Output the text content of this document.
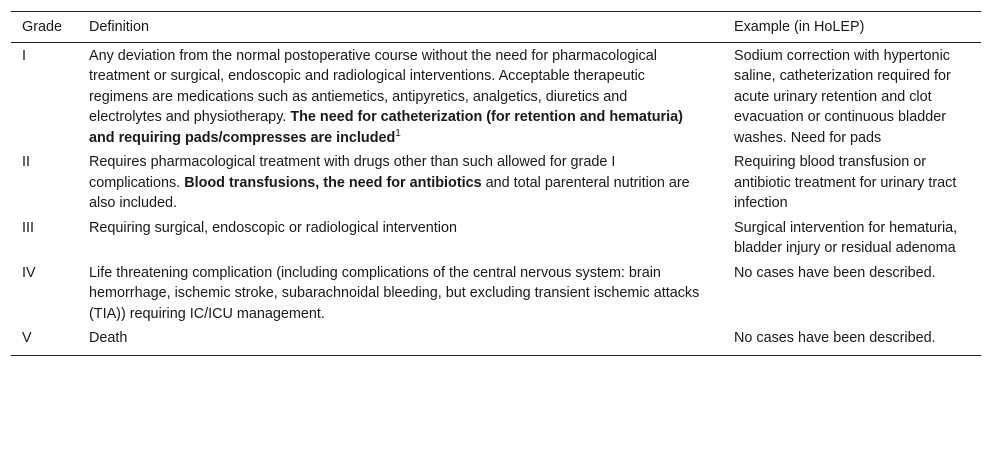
Grade	Definition	Example (in HoLEP)
I	Any deviation from the normal postoperative course without the need for pharmacological treatment or surgical, endoscopic and radiological interventions. Acceptable therapeutic regimens are medications such as antiemetics, antipyretics, analgetics, diuretics and electrolytes and physiotherapy. The need for catheterization (for retention and hematuria) and requiring pads/compresses are included$^1$	Sodium correction with hypertonic saline, catheterization required for acute urinary retention and clot evacuation or continuous bladder washes. Need for pads
II	Requires pharmacological treatment with drugs other than such allowed for grade I complications. Blood transfusions, the need for antibiotics and total parenteral nutrition are also included.	Requiring blood transfusion or antibiotic treatment for urinary tract infection
III	Requiring surgical, endoscopic or radiological intervention	Surgical intervention for hematuria, bladder injury or residual adenoma
IV	Life threatening complication (including complications of the central nervous system: brain hemorrhage, ischemic stroke, subarachnoidal bleeding, but excluding transient ischemic attacks (TIA)) requiring IC/ICU management.	No cases have been described.
V	Death	No cases have been described.
